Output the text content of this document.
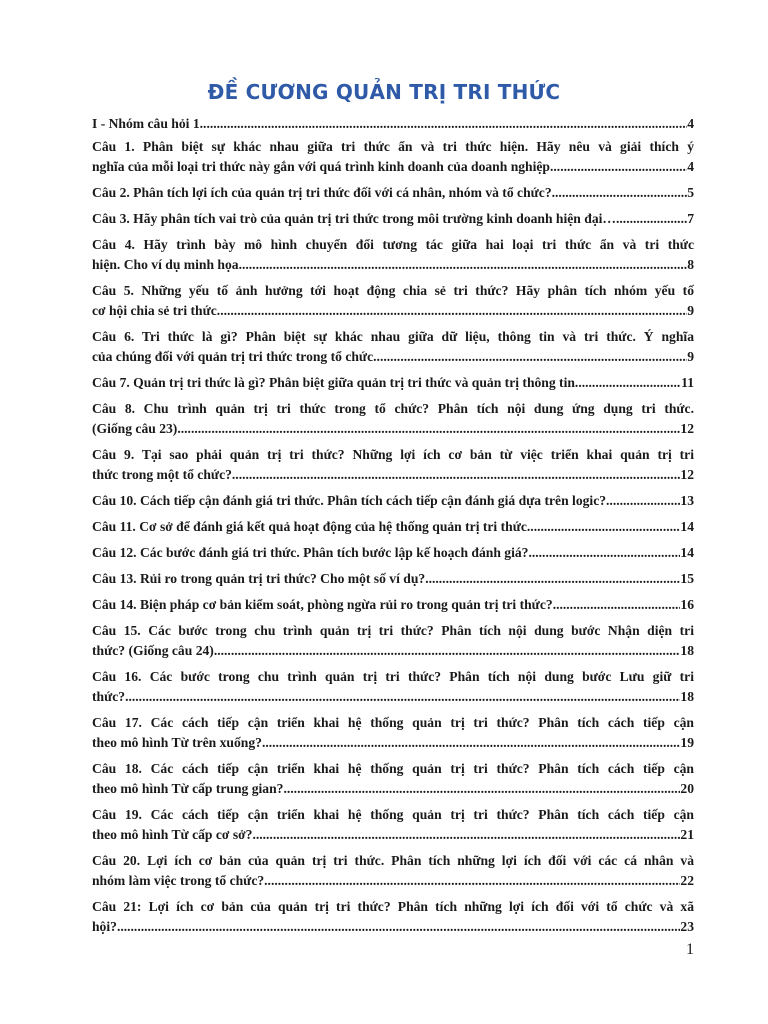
ĐỀ CƯƠNG QUẢN TRỊ TRI THỨC
I - Nhóm câu hỏi 1 .....	4
Câu 1. Phân biệt sự khác nhau giữa tri thức ẩn và tri thức hiện. Hãy nêu và giải thích ý
nghĩa của mỗi loại tri thức này gắn với quá trình kinh doanh của doanh nghiệp .....	4
Câu 2. Phân tích lợi ích của quản trị tri thức đối với cá nhân, nhóm và tổ chức? .....	5
Câu 3. Hãy phân tích vai trò của quản trị tri thức trong môi trường kinh doanh hiện đại… .....	7
Câu 4. Hãy trình bày mô hình chuyển đổi tương tác giữa hai loại tri thức ẩn và tri thức
hiện. Cho ví dụ minh họa .....	8
Câu 5. Những yếu tố ảnh hưởng tới hoạt động chia sẻ tri thức? Hãy phân tích nhóm yếu tố
cơ hội chia sẻ tri thức .....	9
Câu 6. Tri thức là gì? Phân biệt sự khác nhau giữa dữ liệu, thông tin và tri thức. Ý nghĩa
của chúng đối với quản trị tri thức trong tổ chức .....	9
Câu 7. Quản trị tri thức là gì? Phân biệt giữa quản trị tri thức và quản trị thông tin .....	11
Câu 8. Chu trình quản trị tri thức trong tổ chức? Phân tích nội dung ứng dụng tri thức.
(Giống câu 23) .....	12
Câu 9. Tại sao phải quản trị tri thức? Những lợi ích cơ bản từ việc triển khai quản trị tri
thức trong một tổ chức? .....	12
Câu 10. Cách tiếp cận đánh giá tri thức. Phân tích cách tiếp cận đánh giá dựa trên logic? .....	13
Câu 11. Cơ sở để đánh giá kết quả hoạt động của hệ thống quản trị tri thức .....	14
Câu 12. Các bước đánh giá tri thức. Phân tích bước lập kế hoạch đánh giá? .....	14
Câu 13. Rủi ro trong quản trị tri thức? Cho một số ví dụ? .....	15
Câu 14. Biện pháp cơ bản kiểm soát, phòng ngừa rủi ro trong quản trị tri thức? .....	16
Câu 15. Các bước trong chu trình quản trị tri thức? Phân tích nội dung bước Nhận diện tri
thức? (Giống câu 24) .....	18
Câu 16. Các bước trong chu trình quản trị tri thức? Phân tích nội dung bước Lưu giữ tri
thức? .....	18
Câu 17. Các cách tiếp cận triển khai hệ thống quản trị tri thức? Phân tích cách tiếp cận
theo mô hình Từ trên xuống? .....	19
Câu 18. Các cách tiếp cận triển khai hệ thống quản trị tri thức? Phân tích cách tiếp cận
theo mô hình Từ cấp trung gian? .....	20
Câu 19. Các cách tiếp cận triển khai hệ thống quản trị tri thức? Phân tích cách tiếp cận
theo mô hình Từ cấp cơ sở? .....	21
Câu 20. Lợi ích cơ bản của quản trị tri thức. Phân tích những lợi ích đối với các cá nhân và
nhóm làm việc trong tổ chức? .....	22
Câu 21: Lợi ích cơ bản của quản trị tri thức? Phân tích những lợi ích đối với tổ chức và xã
hội? .....	23
1
